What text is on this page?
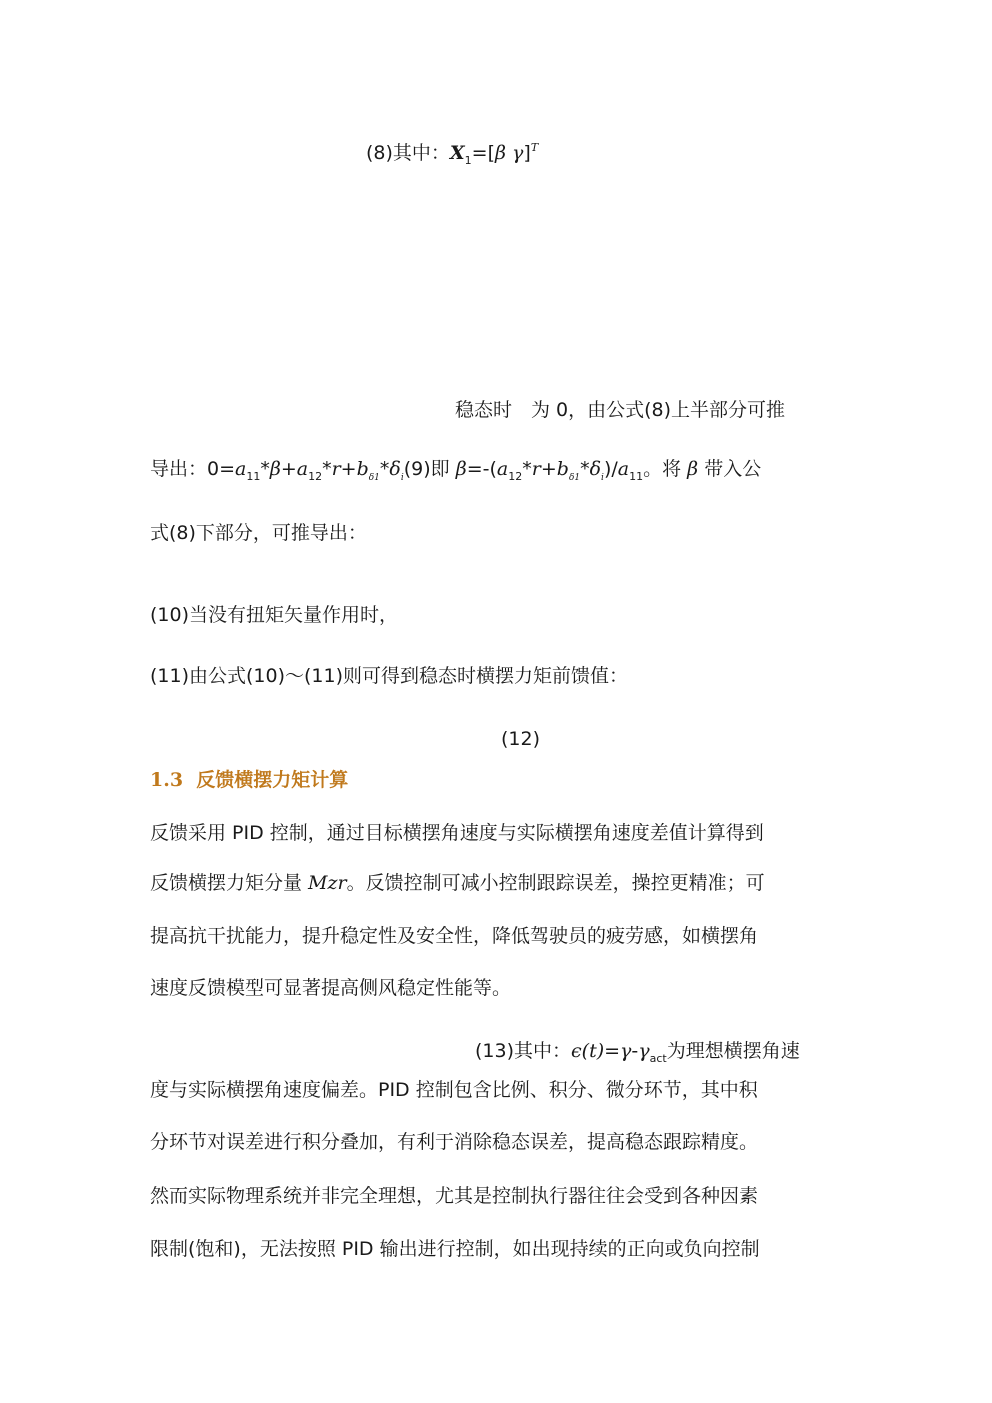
(8)其中：$X_1=[\beta$ γ]$^T$
稳态时　为 0，由公式(8)上半部分可推
导出：$0=a_{11}*\beta+a_{12}*r+b_{\delta 1}*\delta_i(9)$即 $\beta=-(a_{12}*r+b_{\delta 1}*\delta_i)/a_{11}$。将 β 带入公
式(8)下部分，可推导出：
(10)当没有扭矩矢量作用时，
(11)由公式(10)～(11)则可得到稳态时横摆力矩前馈值：
(12)
1.3 反馈横摆力矩计算
反馈采用 PID 控制，通过目标横摆角速度与实际横摆角速度差值计算得到
反馈横摆力矩分量 Mzr。反馈控制可减小控制跟踪误差，操控更精准；可
提高抗干扰能力，提升稳定性及安全性，降低驾驶员的疲劳感，如横摆角
速度反馈模型可显著提高侧风稳定性能等。
(13)其中：$\epsilon(t)=\gamma-\gamma_{act}$为理想横摆角速
度与实际横摆角速度偏差。PID 控制包含比例、积分、微分环节，其中积
分环节对误差进行积分叠加，有利于消除稳态误差，提高稳态跟踪精度。
然而实际物理系统并非完全理想，尤其是控制执行器往往会受到各种因素
限制(饱和)，无法按照 PID 输出进行控制，如出现持续的正向或负向控制
